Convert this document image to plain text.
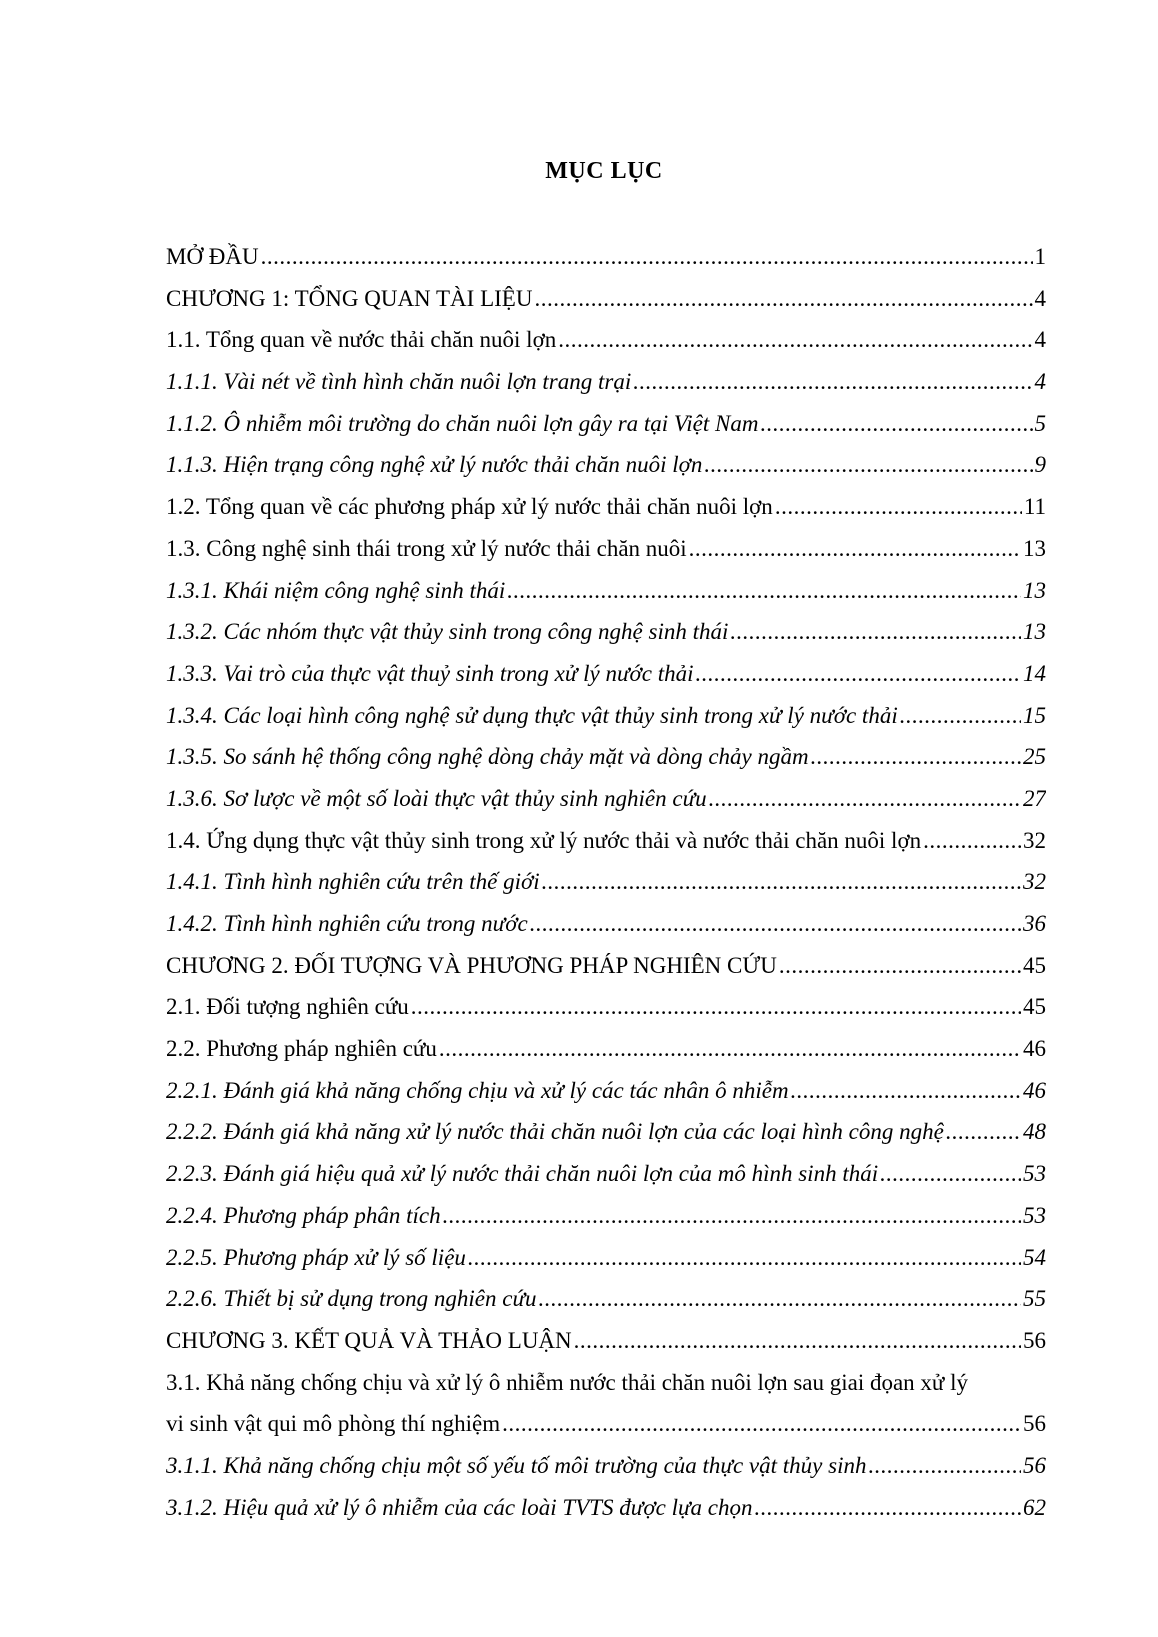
MỤC LỤC
MỞ ĐẦU .....	1
CHƯƠNG 1: TỔNG QUAN TÀI LIỆU .....	4
1.1. Tổng quan về nước thải chăn nuôi lợn .....	4
1.1.1. Vài nét về tình hình chăn nuôi lợn trang trại .....	4
1.1.2. Ô nhiễm môi trường do chăn nuôi lợn gây ra tại Việt Nam .....	5
1.1.3. Hiện trạng công nghệ xử lý nước thải chăn nuôi lợn .....	9
1.2. Tổng quan về các phương pháp xử lý nước thải chăn nuôi lợn .....	11
1.3. Công nghệ sinh thái trong xử lý nước thải chăn nuôi .....	13
1.3.1. Khái niệm công nghệ sinh thái .....	13
1.3.2. Các nhóm thực vật thủy sinh trong công nghệ sinh thái .....	13
1.3.3. Vai trò của thực vật thuỷ sinh trong xử lý nước thải .....	14
1.3.4. Các loại hình công nghệ sử dụng thực vật thủy sinh trong xử lý nước thải .....	15
1.3.5. So sánh hệ thống công nghệ dòng chảy mặt và dòng chảy ngầm .....	25
1.3.6. Sơ lược về một số loài thực vật thủy sinh nghiên cứu .....	27
1.4. Ứng dụng thực vật thủy sinh trong xử lý nước thải và nước thải chăn nuôi lợn .....	32
1.4.1. Tình hình nghiên cứu trên thế giới .....	32
1.4.2. Tình hình nghiên cứu trong nước .....	36
CHƯƠNG 2. ĐỐI TƯỢNG VÀ PHƯƠNG PHÁP NGHIÊN CỨU .....	45
2.1. Đối tượng nghiên cứu .....	45
2.2. Phương pháp nghiên cứu .....	46
2.2.1. Đánh giá khả năng chống chịu và xử lý các tác nhân ô nhiễm .....	46
2.2.2. Đánh giá khả năng xử lý nước thải chăn nuôi lợn của các loại hình công nghệ .....	48
2.2.3. Đánh giá hiệu quả xử lý nước thải chăn nuôi lợn của mô hình sinh thái .....	53
2.2.4. Phương pháp phân tích .....	53
2.2.5. Phương pháp xử lý số liệu .....	54
2.2.6. Thiết bị sử dụng trong nghiên cứu .....	55
CHƯƠNG 3. KẾT QUẢ VÀ THẢO LUẬN .....	56
3.1. Khả năng chống chịu và xử lý ô nhiễm nước thải chăn nuôi lợn sau giai đọan xử lý
vi sinh vật qui mô phòng thí nghiệm .....	56
3.1.1. Khả năng chống chịu một số yếu tố môi trường của thực vật thủy sinh .....	56
3.1.2. Hiệu quả xử lý ô nhiễm của các loài TVTS được lựa chọn .....	62
